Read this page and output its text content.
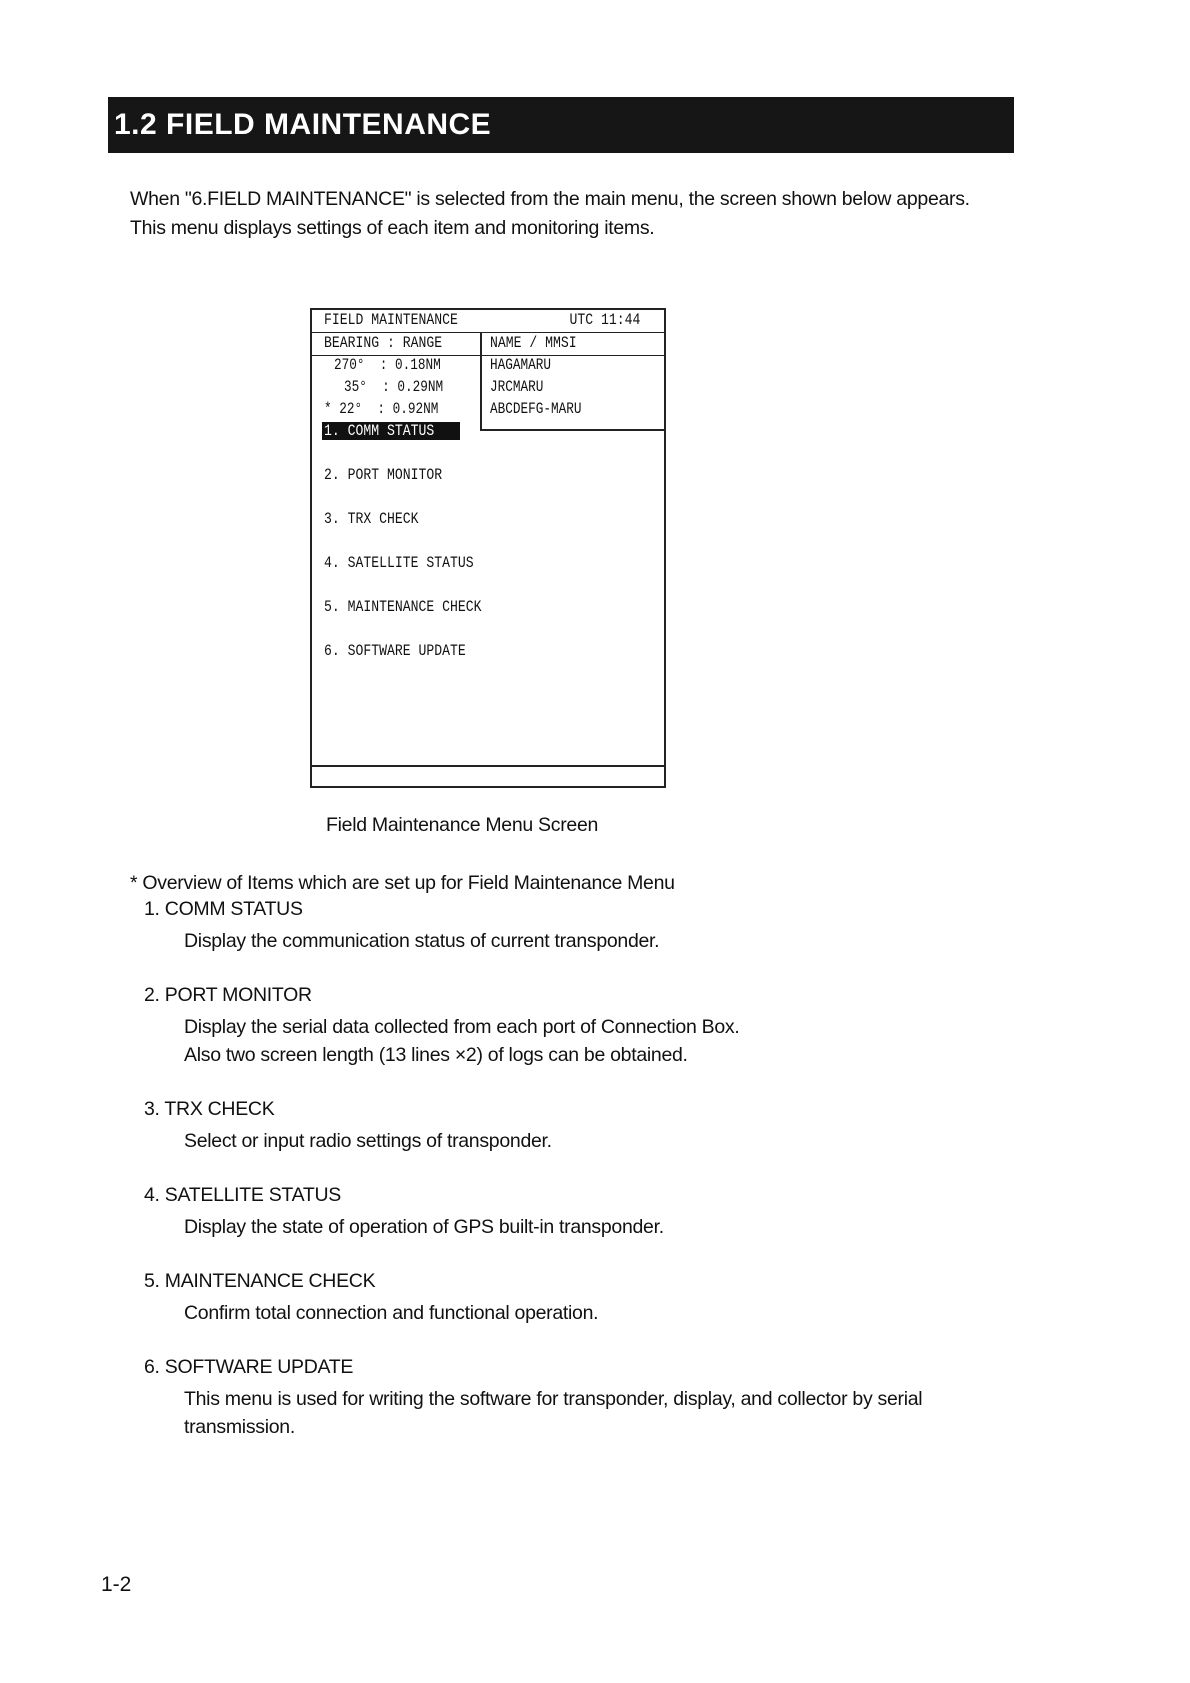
1.2 FIELD MAINTENANCE

When "6.FIELD MAINTENANCE" is selected from the main menu, the screen shown below appears.

This menu displays settings of each item and monitoring items.

FIELD MAINTENANCE	UTC 11:44
BEARING : RANGE	NAME / MMSI
270°  : 0.18NM	HAGAMARU
35°  : 0.29NM	JRCMARU
* 22°  : 0.92NM	ABCDEFG-MARU
1. COMM STATUS
2. PORT MONITOR
3. TRX CHECK
4. SATELLITE STATUS
5. MAINTENANCE CHECK
6. SOFTWARE UPDATE
Field Maintenance Menu Screen
* Overview of Items which are set up for Field Maintenance Menu
1. COMM STATUS
Display the communication status of current transponder.
2. PORT MONITOR
Display the serial data collected from each port of Connection Box.
Also two screen length (13 lines ×2) of logs can be obtained.
3. TRX CHECK
Select or input radio settings of transponder.
4. SATELLITE STATUS
Display the state of operation of GPS built-in transponder.
5. MAINTENANCE CHECK
Confirm total connection and functional operation.
6. SOFTWARE UPDATE
This menu is used for writing the software for transponder, display, and collector by serial transmission.
1-2
